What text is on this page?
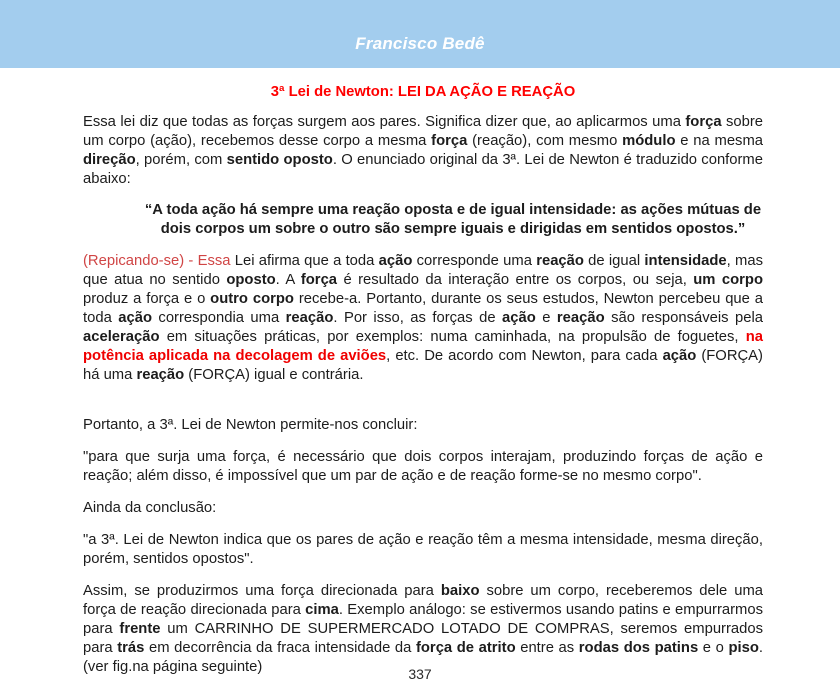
Francisco Bedê
3ª Lei de Newton: LEI DA AÇÃO E REAÇÃO

Essa lei diz que todas as forças surgem aos pares. Significa dizer que, ao aplicarmos uma força sobre um corpo (ação), recebemos desse corpo a mesma força (reação), com mesmo módulo e na mesma direção, porém, com sentido oposto. O enunciado original da 3ª. Lei de Newton é traduzido conforme abaixo:

“A toda ação há sempre uma reação oposta e de igual intensidade: as ações mútuas de dois corpos um sobre o outro são sempre iguais e dirigidas em sentidos opostos.”

(Repicando-se) - Essa Lei afirma que a toda ação corresponde uma reação de igual intensidade, mas que atua no sentido oposto. A força é resultado da interação entre os corpos, ou seja, um corpo produz a força e o outro corpo recebe-a. Portanto, durante os seus estudos, Newton percebeu que a toda ação correspondia uma reação. Por isso, as forças de ação e reação são responsáveis pela aceleração em situações práticas, por exemplos: numa caminhada, na propulsão de foguetes, na potência aplicada na decolagem de aviões, etc. De acordo com Newton, para cada ação (FORÇA) há uma reação (FORÇA) igual e contrária.

Portanto, a 3ª. Lei de Newton permite-nos concluir:

"para que surja uma força, é necessário que dois corpos interajam, produzindo forças de ação e reação; além disso, é impossível que um par de ação e de reação forme-se no mesmo corpo".

Ainda da conclusão:

"a 3ª. Lei de Newton indica que os pares de ação e reação têm a mesma intensidade, mesma direção, porém, sentidos opostos".

Assim, se produzirmos uma força direcionada para baixo sobre um corpo, receberemos dele uma força de reação direcionada para cima. Exemplo análogo: se estivermos usando patins e empurrarmos para frente um CARRINHO DE SUPERMERCADO LOTADO DE COMPRAS, seremos empurrados para trás em decorrência da fraca intensidade da força de atrito entre as rodas dos patins e o piso. (ver fig.na página seguinte)	337
